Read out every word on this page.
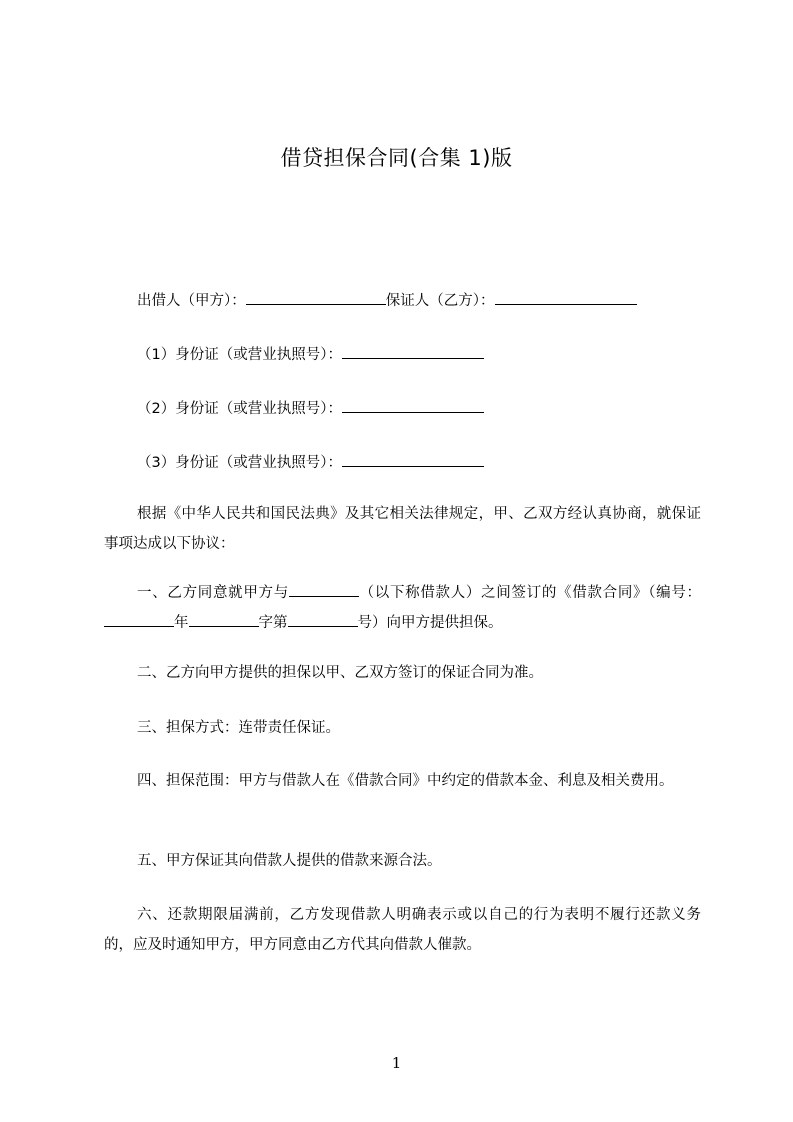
借贷担保合同(合集 1)版
出借人（甲方）：	保证人（乙方）：
（1）身份证（或营业执照号）：
（2）身份证（或营业执照号）：
（3）身份证（或营业执照号）：
根据《中华人民共和国民法典》及其它相关法律规定，甲、乙双方经认真协商，就保证事项达成以下协议：
一、乙方同意就甲方与	（以下称借款人）之间签订的《借款合同》（编号：年	字第	号）向甲方提供担保。
二、乙方向甲方提供的担保以甲、乙双方签订的保证合同为准。
三、担保方式：连带责任保证。
四、担保范围：甲方与借款人在《借款合同》中约定的借款本金、利息及相关费用。
五、甲方保证其向借款人提供的借款来源合法。
六、还款期限届满前，乙方发现借款人明确表示或以自己的行为表明不履行还款义务的，应及时通知甲方，甲方同意由乙方代其向借款人催款。
1
